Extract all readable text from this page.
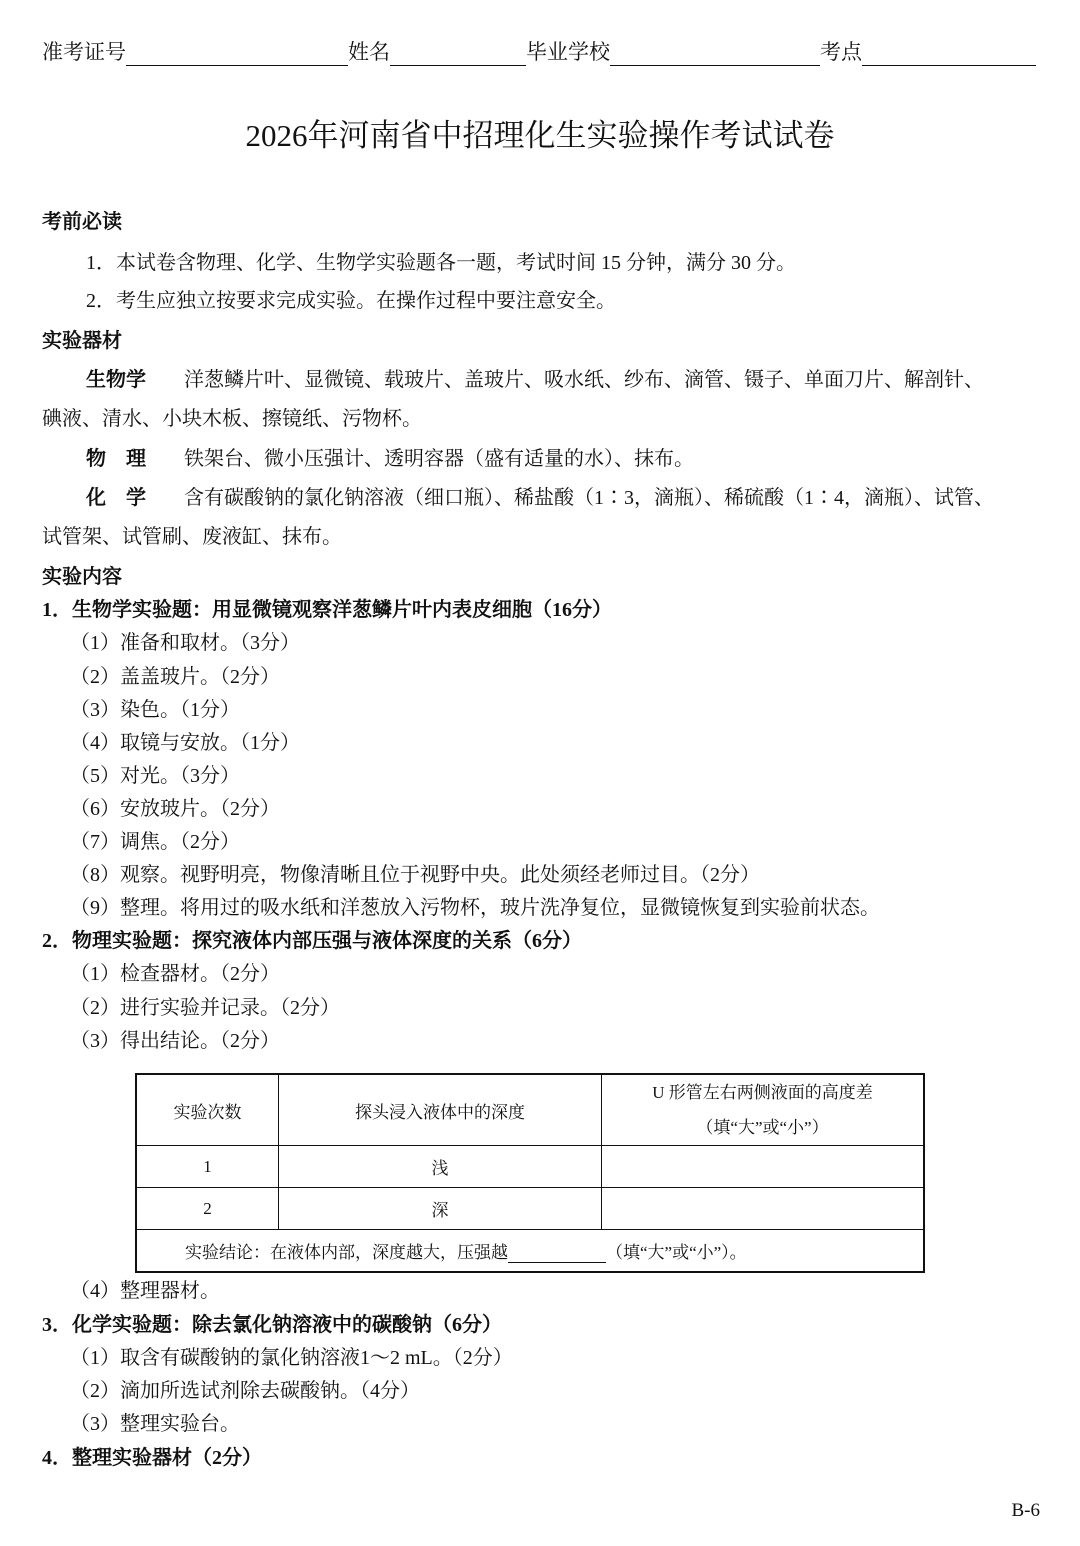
准考证号	姓名	毕业学校	考点
2026年河南省中招理化生实验操作考试试卷
考前必读
1．本试卷含物理、化学、生物学实验题各一题，考试时间 15 分钟，满分 30 分。
2．考生应独立按要求完成实验。在操作过程中要注意安全。
实验器材
生物学 洋葱鳞片叶、显微镜、载玻片、盖玻片、吸水纸、纱布、滴管、镊子、单面刀片、解剖针、
碘液、清水、小块木板、擦镜纸、污物杯。
物　理 铁架台、微小压强计、透明容器（盛有适量的水）、抹布。
化　学 含有碳酸钠的氯化钠溶液（细口瓶）、稀盐酸（1∶3，滴瓶）、稀硫酸（1∶4，滴瓶）、试管、
试管架、试管刷、废液缸、抹布。
实验内容
1．生物学实验题：用显微镜观察洋葱鳞片叶内表皮细胞（16分）
（1）准备和取材。（3分）
（2）盖盖玻片。（2分）
（3）染色。（1分）
（4）取镜与安放。（1分）
（5）对光。（3分）
（6）安放玻片。（2分）
（7）调焦。（2分）
（8）观察。视野明亮，物像清晰且位于视野中央。此处须经老师过目。（2分）
（9）整理。将用过的吸水纸和洋葱放入污物杯，玻片洗净复位，显微镜恢复到实验前状态。
2．物理实验题：探究液体内部压强与液体深度的关系（6分）
（1）检查器材。（2分）
（2）进行实验并记录。（2分）
（3）得出结论。（2分）
实验次数	探头浸入液体中的深度	U 形管左右两侧液面的高度差
（填“大”或“小”）

1	浅	
2	深	
实验结论：在液体内部，深度越大，压强越 （填“大”或“小”）。		
（4）整理器材。
3．化学实验题：除去氯化钠溶液中的碳酸钠（6分）
（1）取含有碳酸钠的氯化钠溶液1～2 mL。（2分）
（2）滴加所选试剂除去碳酸钠。（4分）
（3）整理实验台。
4．整理实验器材（2分）
B-6
